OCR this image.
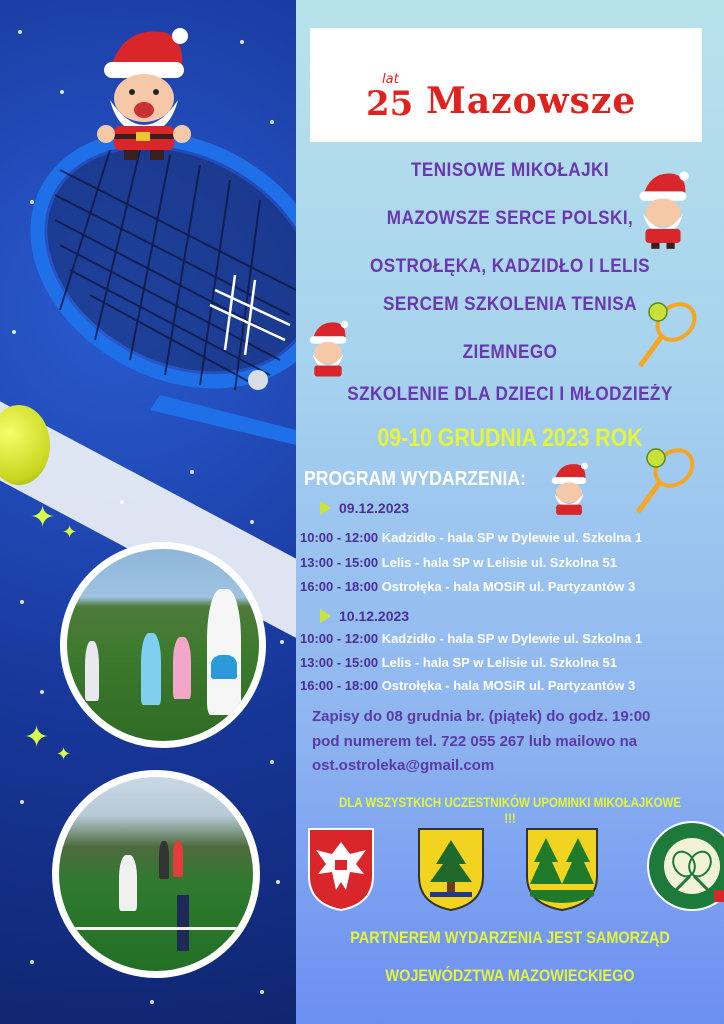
✦ ✦
✦ ✦
25
lat
Mazowsze
TENISOWE MIKOŁAJKI
MAZOWSZE SERCE POLSKI,
OSTROŁĘKA, KADZIDŁO I LELIS
SERCEM SZKOLENIA TENISA
ZIEMNEGO
SZKOLENIE DLA DZIECI I MŁODZIEŻY
09-10 GRUDNIA 2023 ROK
PROGRAM WYDARZENIA:
09.12.2023
10:00 - 12:00 Kadzidło - hala SP w Dylewie ul. Szkolna 1
13:00 - 15:00 Lelis - hala SP w Lelisie ul. Szkolna 51
16:00 - 18:00 Ostrołęka - hala MOSiR ul. Partyzantów 3
10.12.2023
10:00 - 12:00 Kadzidło - hala SP w Dylewie ul. Szkolna 1
13:00 - 15:00 Lelis - hala SP w Lelisie ul. Szkolna 51
16:00 - 18:00 Ostrołęka - hala MOSiR ul. Partyzantów 3
Zapisy do 08 grudnia br. (piątek) do godz. 19:00
pod numerem tel. 722 055 267 lub mailowo na
ost.ostroleka@gmail.com
DLA WSZYSTKICH UCZESTNIKÓW UPOMINKI MIKOŁAJKOWE !!!
PARTNEREM WYDARZENIA JEST SAMORZĄD
WOJEWÓDZTWA MAZOWIECKIEGO
